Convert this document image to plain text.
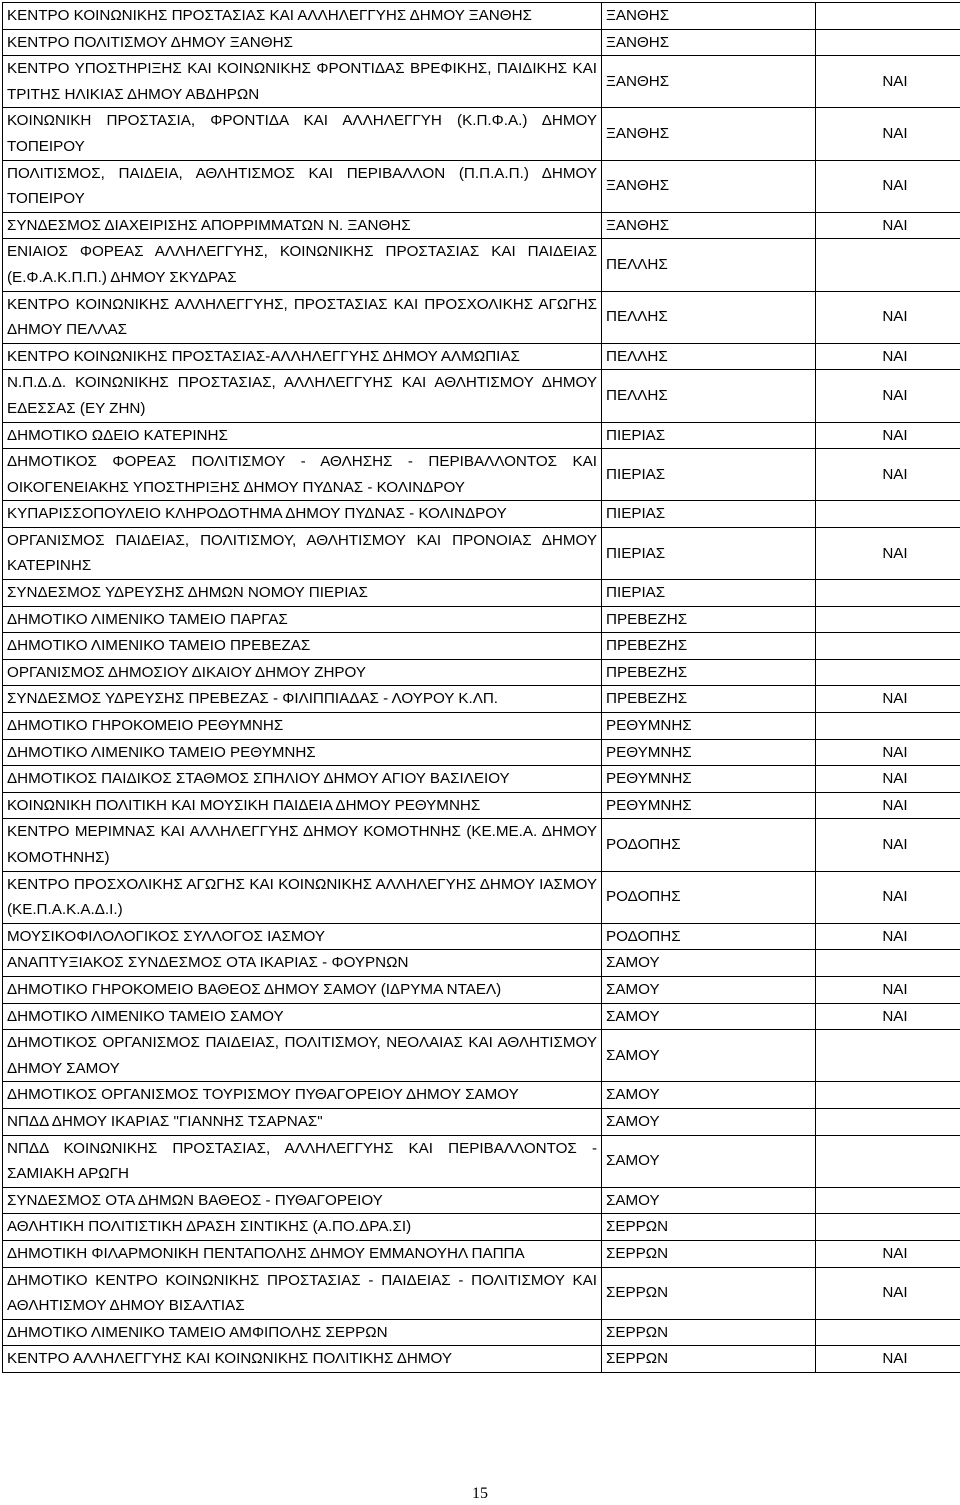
ΚΕΝΤΡΟ ΚΟΙΝΩΝΙΚΗΣ ΠΡΟΣΤΑΣΙΑΣ ΚΑΙ ΑΛΛΗΛΕΓΓΥΗΣ ΔΗΜΟΥ ΞΑΝΘΗΣ	ΞΑΝΘΗΣ	
ΚΕΝΤΡΟ ΠΟΛΙΤΙΣΜΟΥ ΔΗΜΟΥ ΞΑΝΘΗΣ	ΞΑΝΘΗΣ	
ΚΕΝΤΡΟ ΥΠΟΣΤΗΡΙΞΗΣ ΚΑΙ ΚΟΙΝΩΝΙΚΗΣ ΦΡΟΝΤΙΔΑΣ ΒΡΕΦΙΚΗΣ, ΠΑΙΔΙΚΗΣ ΚΑΙ ΤΡΙΤΗΣ ΗΛΙΚΙΑΣ ΔΗΜΟΥ ΑΒΔΗΡΩΝ	ΞΑΝΘΗΣ	ΝΑΙ
ΚΟΙΝΩΝΙΚΗ ΠΡΟΣΤΑΣΙΑ, ΦΡΟΝΤΙΔΑ ΚΑΙ ΑΛΛΗΛΕΓΓΥΗ (Κ.Π.Φ.Α.) ΔΗΜΟΥ ΤΟΠΕΙΡΟΥ	ΞΑΝΘΗΣ	ΝΑΙ
ΠΟΛΙΤΙΣΜΟΣ, ΠΑΙΔΕΙΑ, ΑΘΛΗΤΙΣΜΟΣ ΚΑΙ ΠΕΡΙΒΑΛΛΟΝ (Π.Π.Α.Π.) ΔΗΜΟΥ ΤΟΠΕΙΡΟΥ	ΞΑΝΘΗΣ	ΝΑΙ
ΣΥΝΔΕΣΜΟΣ ΔΙΑΧΕΙΡΙΣΗΣ ΑΠΟΡΡΙΜΜΑΤΩΝ Ν. ΞΑΝΘΗΣ	ΞΑΝΘΗΣ	ΝΑΙ
ΕΝΙΑΙΟΣ ΦΟΡΕΑΣ ΑΛΛΗΛΕΓΓΥΗΣ, ΚΟΙΝΩΝΙΚΗΣ ΠΡΟΣΤΑΣΙΑΣ ΚΑΙ ΠΑΙΔΕΙΑΣ (Ε.Φ.Α.Κ.Π.Π.) ΔΗΜΟΥ ΣΚΥΔΡΑΣ	ΠΕΛΛΗΣ	
ΚΕΝΤΡΟ ΚΟΙΝΩΝΙΚΗΣ ΑΛΛΗΛΕΓΓΥΗΣ, ΠΡΟΣΤΑΣΙΑΣ ΚΑΙ ΠΡΟΣΧΟΛΙΚΗΣ ΑΓΩΓΗΣ ΔΗΜΟΥ ΠΕΛΛΑΣ	ΠΕΛΛΗΣ	ΝΑΙ
ΚΕΝΤΡΟ ΚΟΙΝΩΝΙΚΗΣ ΠΡΟΣΤΑΣΙΑΣ-ΑΛΛΗΛΕΓΓΥΗΣ ΔΗΜΟΥ ΑΛΜΩΠΙΑΣ	ΠΕΛΛΗΣ	ΝΑΙ
Ν.Π.Δ.Δ. ΚΟΙΝΩΝΙΚΗΣ ΠΡΟΣΤΑΣΙΑΣ, ΑΛΛΗΛΕΓΓΥΗΣ ΚΑΙ ΑΘΛΗΤΙΣΜΟΥ ΔΗΜΟΥ ΕΔΕΣΣΑΣ (ΕΥ ΖΗΝ)	ΠΕΛΛΗΣ	ΝΑΙ
ΔΗΜΟΤΙΚΟ ΩΔΕΙΟ ΚΑΤΕΡΙΝΗΣ	ΠΙΕΡΙΑΣ	ΝΑΙ
ΔΗΜΟΤΙΚΟΣ ΦΟΡΕΑΣ ΠΟΛΙΤΙΣΜΟΥ - ΑΘΛΗΣΗΣ - ΠΕΡΙΒΑΛΛΟΝΤΟΣ ΚΑΙ ΟΙΚΟΓΕΝΕΙΑΚΗΣ ΥΠΟΣΤΗΡΙΞΗΣ ΔΗΜΟΥ ΠΥΔΝΑΣ - ΚΟΛΙΝΔΡΟΥ	ΠΙΕΡΙΑΣ	ΝΑΙ
ΚΥΠΑΡΙΣΣΟΠΟΥΛΕΙΟ ΚΛΗΡΟΔΟΤΗΜΑ ΔΗΜΟΥ ΠΥΔΝΑΣ - ΚΟΛΙΝΔΡΟΥ	ΠΙΕΡΙΑΣ	
ΟΡΓΑΝΙΣΜΟΣ ΠΑΙΔΕΙΑΣ, ΠΟΛΙΤΙΣΜΟΥ, ΑΘΛΗΤΙΣΜΟΥ ΚΑΙ ΠΡΟΝΟΙΑΣ ΔΗΜΟΥ ΚΑΤΕΡΙΝΗΣ	ΠΙΕΡΙΑΣ	ΝΑΙ
ΣΥΝΔΕΣΜΟΣ ΥΔΡΕΥΣΗΣ ΔΗΜΩΝ ΝΟΜΟΥ ΠΙΕΡΙΑΣ	ΠΙΕΡΙΑΣ	
ΔΗΜΟΤΙΚΟ ΛΙΜΕΝΙΚΟ ΤΑΜΕΙΟ ΠΑΡΓΑΣ	ΠΡΕΒΕΖΗΣ	
ΔΗΜΟΤΙΚΟ ΛΙΜΕΝΙΚΟ ΤΑΜΕΙΟ ΠΡΕΒΕΖΑΣ	ΠΡΕΒΕΖΗΣ	
ΟΡΓΑΝΙΣΜΟΣ ΔΗΜΟΣΙΟΥ ΔΙΚΑΙΟΥ ΔΗΜΟΥ ΖΗΡΟΥ	ΠΡΕΒΕΖΗΣ	
ΣΥΝΔΕΣΜΟΣ ΥΔΡΕΥΣΗΣ ΠΡΕΒΕΖΑΣ - ΦΙΛΙΠΠΙΑΔΑΣ - ΛΟΥΡΟΥ Κ.ΛΠ.	ΠΡΕΒΕΖΗΣ	ΝΑΙ
ΔΗΜΟΤΙΚΟ ΓΗΡΟΚΟΜΕΙΟ ΡΕΘΥΜΝΗΣ	ΡΕΘΥΜΝΗΣ	
ΔΗΜΟΤΙΚΟ ΛΙΜΕΝΙΚΟ ΤΑΜΕΙΟ ΡΕΘΥΜΝΗΣ	ΡΕΘΥΜΝΗΣ	ΝΑΙ
ΔΗΜΟΤΙΚΟΣ ΠΑΙΔΙΚΟΣ ΣΤΑΘΜΟΣ ΣΠΗΛΙΟΥ ΔΗΜΟΥ ΑΓΙΟΥ ΒΑΣΙΛΕΙΟΥ	ΡΕΘΥΜΝΗΣ	ΝΑΙ
ΚΟΙΝΩΝΙΚΗ ΠΟΛΙΤΙΚΗ ΚΑΙ ΜΟΥΣΙΚΗ ΠΑΙΔΕΙΑ ΔΗΜΟΥ ΡΕΘΥΜΝΗΣ	ΡΕΘΥΜΝΗΣ	ΝΑΙ
ΚΕΝΤΡΟ ΜΕΡΙΜΝΑΣ ΚΑΙ ΑΛΛΗΛΕΓΓΥΗΣ ΔΗΜΟΥ ΚΟΜΟΤΗΝΗΣ (ΚΕ.ΜΕ.Α. ΔΗΜΟΥ ΚΟΜΟΤΗΝΗΣ)	ΡΟΔΟΠΗΣ	ΝΑΙ
ΚΕΝΤΡΟ ΠΡΟΣΧΟΛΙΚΗΣ ΑΓΩΓΗΣ ΚΑΙ ΚΟΙΝΩΝΙΚΗΣ ΑΛΛΗΛΕΓΥΗΣ ΔΗΜΟΥ ΙΑΣΜΟΥ (ΚΕ.Π.Α.Κ.Α.Δ.Ι.)	ΡΟΔΟΠΗΣ	ΝΑΙ
ΜΟΥΣΙΚΟΦΙΛΟΛΟΓΙΚΟΣ ΣΥΛΛΟΓΟΣ ΙΑΣΜΟΥ	ΡΟΔΟΠΗΣ	ΝΑΙ
ΑΝΑΠΤΥΞΙΑΚΟΣ ΣΥΝΔΕΣΜΟΣ ΟΤΑ ΙΚΑΡΙΑΣ - ΦΟΥΡΝΩΝ	ΣΑΜΟΥ	
ΔΗΜΟΤΙΚΟ ΓΗΡΟΚΟΜΕΙΟ ΒΑΘΕΟΣ ΔΗΜΟΥ ΣΑΜΟΥ (ΙΔΡΥΜΑ ΝΤΑΕΛ)	ΣΑΜΟΥ	ΝΑΙ
ΔΗΜΟΤΙΚΟ ΛΙΜΕΝΙΚΟ ΤΑΜΕΙΟ ΣΑΜΟΥ	ΣΑΜΟΥ	ΝΑΙ
ΔΗΜΟΤΙΚΟΣ ΟΡΓΑΝΙΣΜΟΣ ΠΑΙΔΕΙΑΣ, ΠΟΛΙΤΙΣΜΟΥ, ΝΕΟΛΑΙΑΣ ΚΑΙ ΑΘΛΗΤΙΣΜΟΥ ΔΗΜΟΥ ΣΑΜΟΥ	ΣΑΜΟΥ	
ΔΗΜΟΤΙΚΟΣ ΟΡΓΑΝΙΣΜΟΣ ΤΟΥΡΙΣΜΟΥ ΠΥΘΑΓΟΡΕΙΟΥ ΔΗΜΟΥ ΣΑΜΟΥ	ΣΑΜΟΥ	
ΝΠΔΔ ΔΗΜΟΥ ΙΚΑΡΙΑΣ "ΓΙΑΝΝΗΣ ΤΣΑΡΝΑΣ"	ΣΑΜΟΥ	
ΝΠΔΔ ΚΟΙΝΩΝΙΚΗΣ ΠΡΟΣΤΑΣΙΑΣ, ΑΛΛΗΛΕΓΓΥΗΣ ΚΑΙ ΠΕΡΙΒΑΛΛΟΝΤΟΣ - ΣΑΜΙΑΚΗ ΑΡΩΓΗ	ΣΑΜΟΥ	
ΣΥΝΔΕΣΜΟΣ ΟΤΑ ΔΗΜΩΝ ΒΑΘΕΟΣ - ΠΥΘΑΓΟΡΕΙΟΥ	ΣΑΜΟΥ	
ΑΘΛΗΤΙΚΗ ΠΟΛΙΤΙΣΤΙΚΗ ΔΡΑΣΗ ΣΙΝΤΙΚΗΣ (Α.ΠΟ.ΔΡΑ.ΣΙ)	ΣΕΡΡΩΝ	
ΔΗΜΟΤΙΚΗ ΦΙΛΑΡΜΟΝΙΚΗ ΠΕΝΤΑΠΟΛΗΣ ΔΗΜΟΥ ΕΜΜΑΝΟΥΗΛ ΠΑΠΠΑ	ΣΕΡΡΩΝ	ΝΑΙ
ΔΗΜΟΤΙΚΟ ΚΕΝΤΡΟ ΚΟΙΝΩΝΙΚΗΣ ΠΡΟΣΤΑΣΙΑΣ - ΠΑΙΔΕΙΑΣ - ΠΟΛΙΤΙΣΜΟΥ ΚΑΙ ΑΘΛΗΤΙΣΜΟΥ ΔΗΜΟΥ ΒΙΣΑΛΤΙΑΣ	ΣΕΡΡΩΝ	ΝΑΙ
ΔΗΜΟΤΙΚΟ ΛΙΜΕΝΙΚΟ ΤΑΜΕΙΟ ΑΜΦΙΠΟΛΗΣ ΣΕΡΡΩΝ	ΣΕΡΡΩΝ	
ΚΕΝΤΡΟ ΑΛΛΗΛΕΓΓΥΗΣ ΚΑΙ ΚΟΙΝΩΝΙΚΗΣ ΠΟΛΙΤΙΚΗΣ ΔΗΜΟΥ	ΣΕΡΡΩΝ	ΝΑΙ
15
